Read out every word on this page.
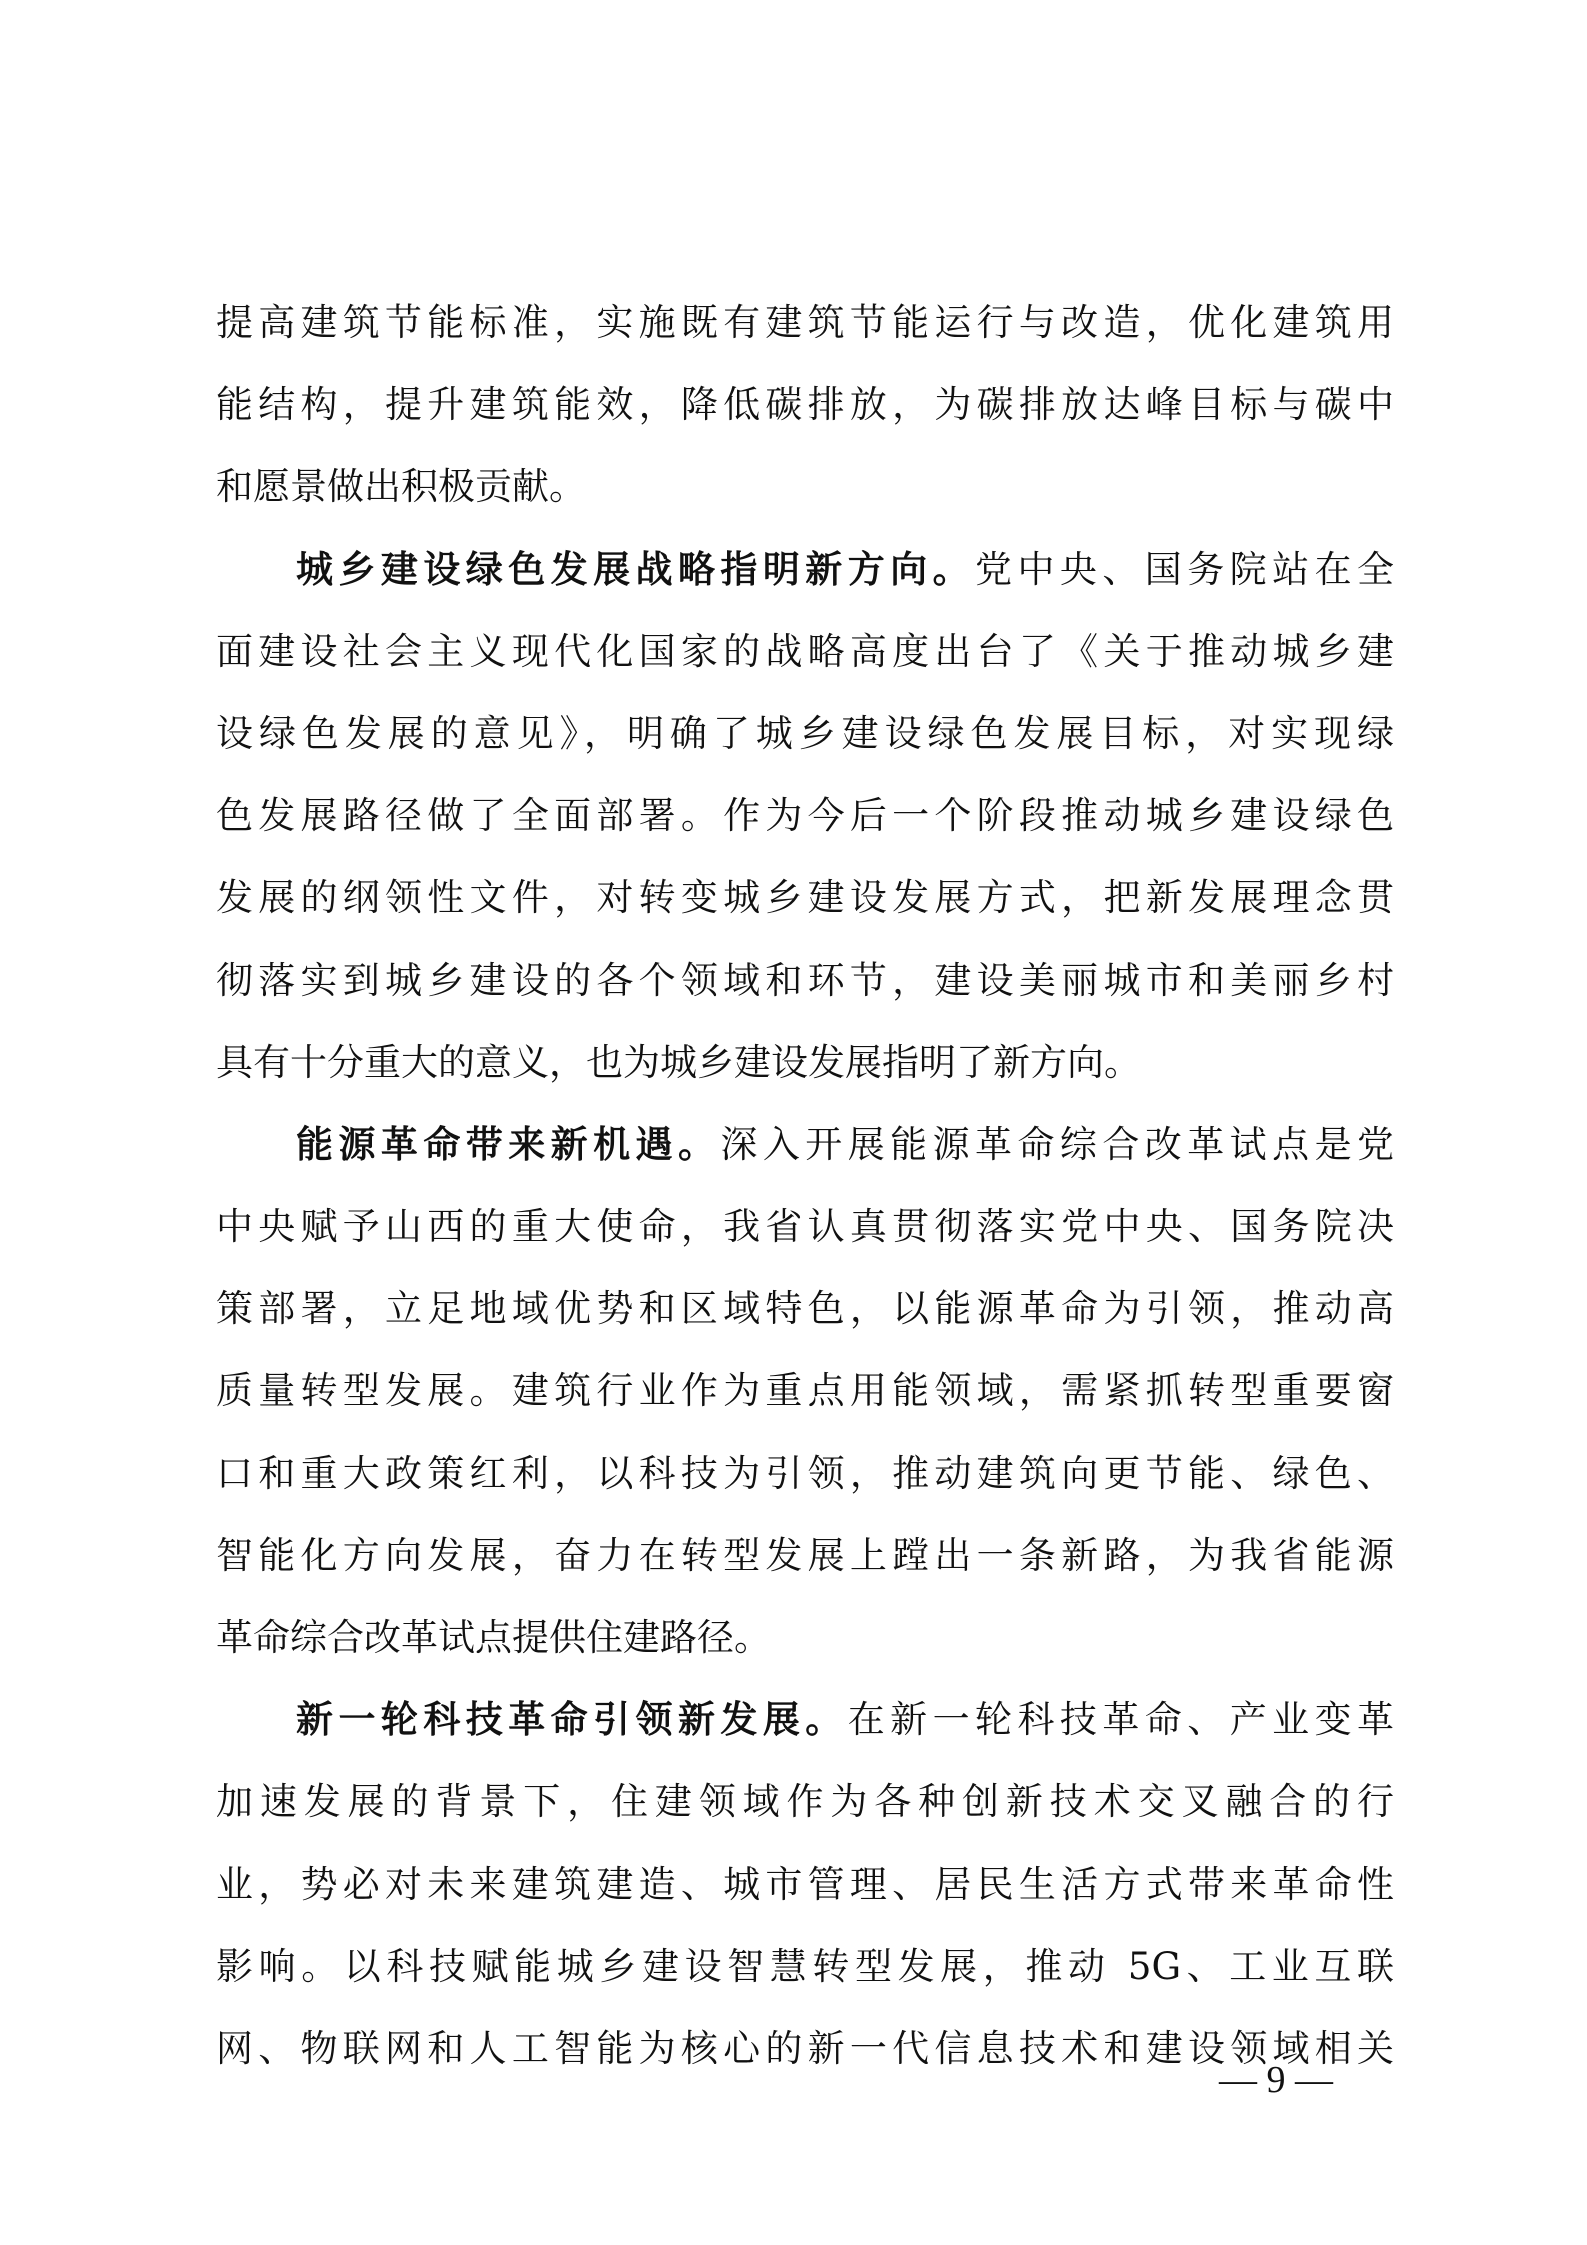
提高建筑节能标准，实施既有建筑节能运行与改造，优化建筑用
能结构，提升建筑能效，降低碳排放，为碳排放达峰目标与碳中
和愿景做出积极贡献。
城乡建设绿色发展战略指明新方向。党中央、国务院站在全
面建设社会主义现代化国家的战略高度出台了《关于推动城乡建
设绿色发展的意见》，明确了城乡建设绿色发展目标，对实现绿
色发展路径做了全面部署。作为今后一个阶段推动城乡建设绿色
发展的纲领性文件，对转变城乡建设发展方式，把新发展理念贯
彻落实到城乡建设的各个领域和环节，建设美丽城市和美丽乡村
具有十分重大的意义，也为城乡建设发展指明了新方向。
能源革命带来新机遇。深入开展能源革命综合改革试点是党
中央赋予山西的重大使命，我省认真贯彻落实党中央、国务院决
策部署，立足地域优势和区域特色，以能源革命为引领，推动高
质量转型发展。建筑行业作为重点用能领域，需紧抓转型重要窗
口和重大政策红利，以科技为引领，推动建筑向更节能、绿色、
智能化方向发展，奋力在转型发展上蹚出一条新路，为我省能源
革命综合改革试点提供住建路径。
新一轮科技革命引领新发展。在新一轮科技革命、产业变革
加速发展的背景下，住建领域作为各种创新技术交叉融合的行
业，势必对未来建筑建造、城市管理、居民生活方式带来革命性
影响。以科技赋能城乡建设智慧转型发展，推动 5G、工业互联
网、物联网和人工智能为核心的新一代信息技术和建设领域相关
— 9 —
